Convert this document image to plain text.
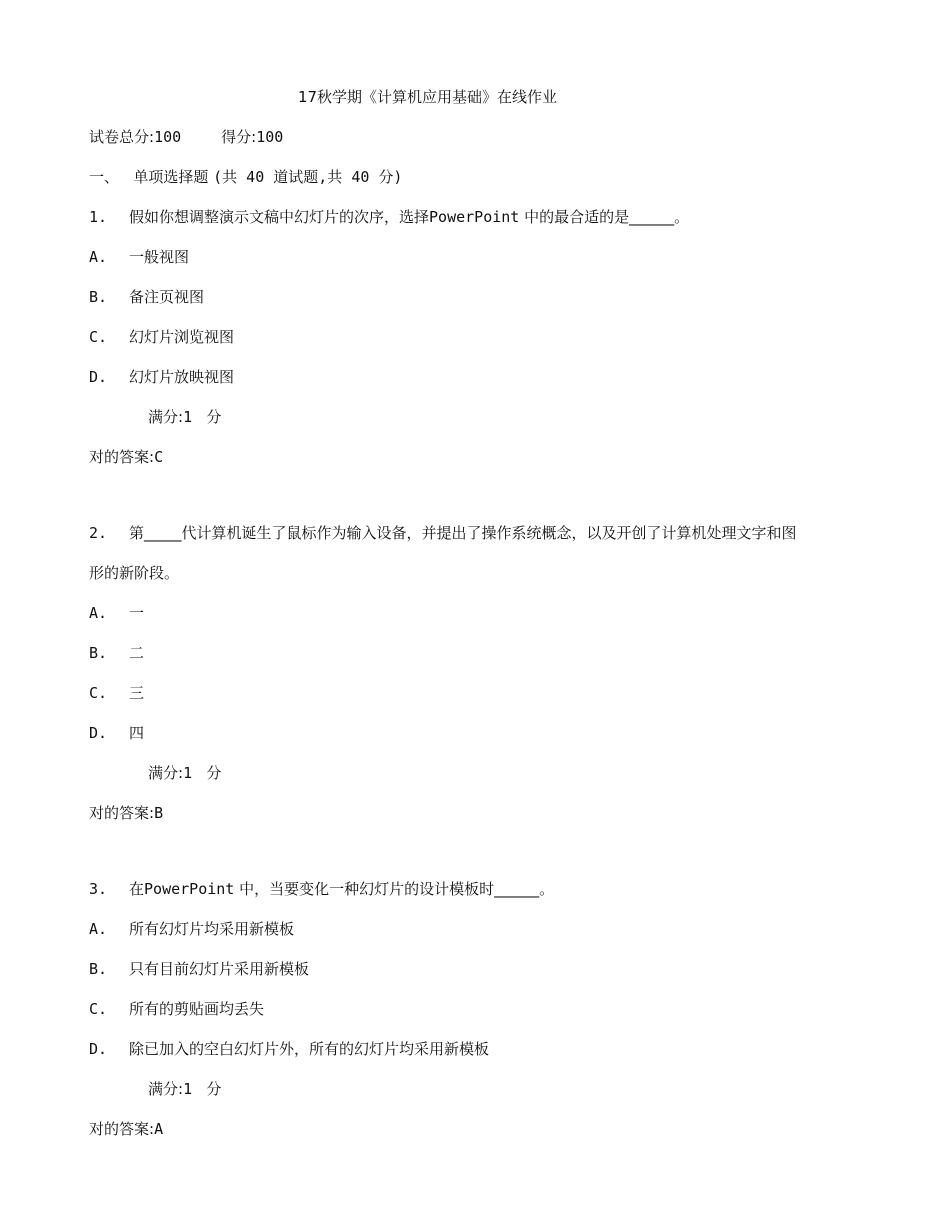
17秋学期《计算机应用基础》在线作业
试卷总分:100	得分:100
一、 单项选择题 (共 40 道试题,共 40 分)
1. 假如你想调整演示文稿中幻灯片的次序，选择PowerPoint 中的最合适的是______。
A. 一般视图
B. 备注页视图
C. 幻灯片浏览视图
D. 幻灯片放映视图
满分:1 分
对的答案:C
2. 第_____代计算机诞生了鼠标作为输入设备，并提出了操作系统概念，以及开创了计算机处理文字和图
形的新阶段。
A. 一
B. 二
C. 三
D. 四
满分:1 分
对的答案:B
3. 在PowerPoint 中，当要变化一种幻灯片的设计模板时______。
A. 所有幻灯片均采用新模板
B. 只有目前幻灯片采用新模板
C. 所有的剪贴画均丢失
D. 除已加入的空白幻灯片外，所有的幻灯片均采用新模板
满分:1 分
对的答案:A
